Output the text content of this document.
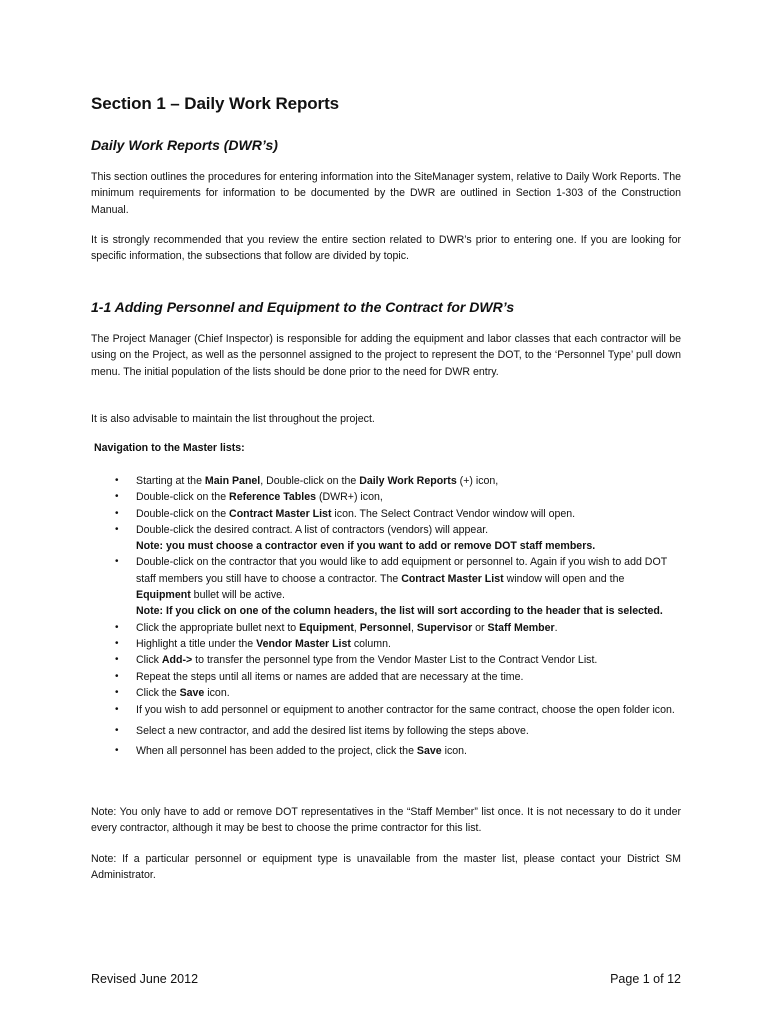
Section 1 – Daily Work Reports
Daily Work Reports (DWR’s)

This section outlines the procedures for entering information into the SiteManager system, relative to Daily Work Reports. The minimum requirements for information to be documented by the DWR are outlined in Section 1-303 of the Construction Manual.

It is strongly recommended that you review the entire section related to DWR’s prior to entering one. If you are looking for specific information, the subsections that follow are divided by topic.

1-1 Adding Personnel and Equipment to the Contract for DWR’s

The Project Manager (Chief Inspector) is responsible for adding the equipment and labor classes that each contractor will be using on the Project, as well as the personnel assigned to the project to represent the DOT, to the ‘Personnel Type’ pull down menu. The initial population of the lists should be done prior to the need for DWR entry.

It is also advisable to maintain the list throughout the project.

Navigation to the Master lists:
• Starting at the Main Panel, Double-click on the Daily Work Reports (+) icon,
• Double-click on the Reference Tables (DWR+) icon,
• Double-click on the Contract Master List icon. The Select Contract Vendor window will open.
• Double-click the desired contract. A list of contractors (vendors) will appear.
Note: you must choose a contractor even if you want to add or remove DOT staff members.
• Double-click on the contractor that you would like to add equipment or personnel to. Again if you wish to add DOT staff members you still have to choose a contractor. The Contract Master List window will open and the Equipment bullet will be active.
Note: If you click on one of the column headers, the list will sort according to the header that is selected.
• Click the appropriate bullet next to Equipment, Personnel, Supervisor or Staff Member.
• Highlight a title under the Vendor Master List column.
• Click Add-> to transfer the personnel type from the Vendor Master List to the Contract Vendor List.
• Repeat the steps until all items or names are added that are necessary at the time.
• Click the Save icon.
• If you wish to add personnel or equipment to another contractor for the same contract, choose the open folder icon.
• Select a new contractor, and add the desired list items by following the steps above.
• When all personnel has been added to the project, click the Save icon.

Note: You only have to add or remove DOT representatives in the “Staff Member” list once. It is not necessary to do it under every contractor, although it may be best to choose the prime contractor for this list.

Note: If a particular personnel or equipment type is unavailable from the master list, please contact your District SM Administrator.

Revised June 2012	Page 1 of 12
